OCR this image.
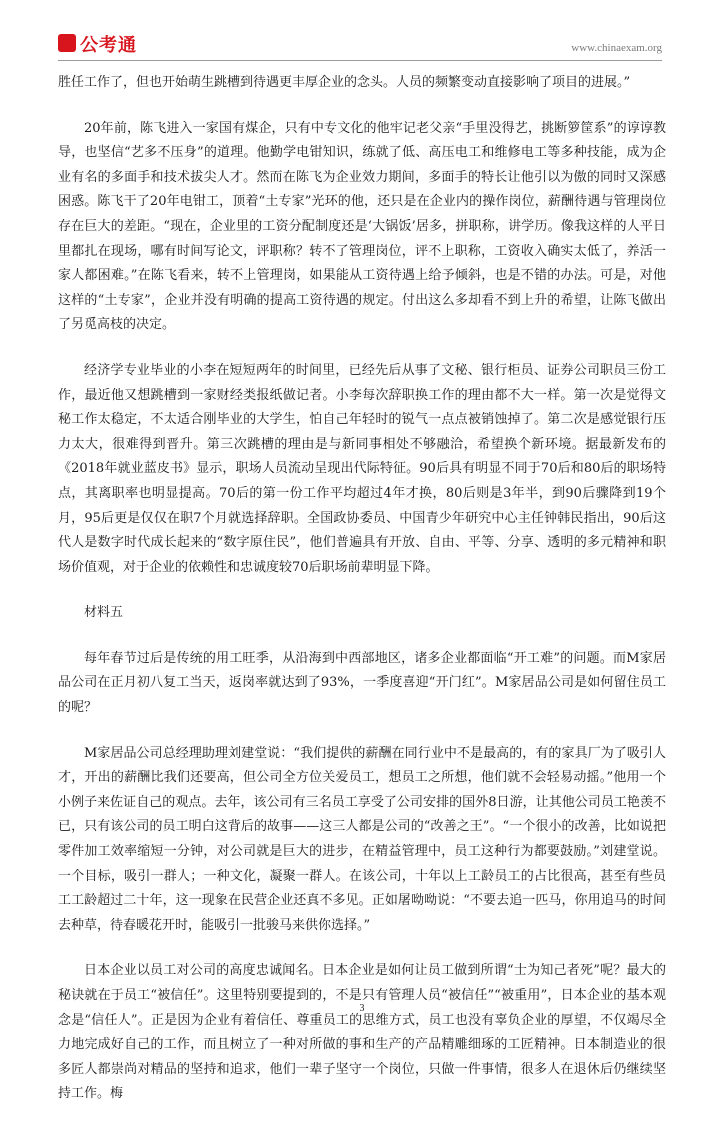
公考通	www.chinaexam.org

胜任工作了，但也开始萌生跳槽到待遇更丰厚企业的念头。人员的频繁变动直接影响了项目的进展。”

20年前，陈飞进入一家国有煤企，只有中专文化的他牢记老父亲“手里没得艺，挑断箩筐系”的谆谆教导，也坚信“艺多不压身”的道理。他勤学电钳知识，练就了低、高压电工和维修电工等多种技能，成为企业有名的多面手和技术拔尖人才。然而在陈飞为企业效力期间，多面手的特长让他引以为傲的同时又深感困惑。陈飞干了20年电钳工，顶着“土专家”光环的他，还只是在企业内的操作岗位，薪酬待遇与管理岗位存在巨大的差距。“现在，企业里的工资分配制度还是‘大锅饭’居多，拼职称，讲学历。像我这样的人平日里都扎在现场，哪有时间写论文，评职称？转不了管理岗位，评不上职称，工资收入确实太低了，养活一家人都困难。”在陈飞看来，转不上管理岗，如果能从工资待遇上给予倾斜，也是不错的办法。可是，对他这样的“土专家”，企业并没有明确的提高工资待遇的规定。付出这么多却看不到上升的希望，让陈飞做出了另觅高枝的决定。

经济学专业毕业的小李在短短两年的时间里，已经先后从事了文秘、银行柜员、证券公司职员三份工作，最近他又想跳槽到一家财经类报纸做记者。小李每次辞职换工作的理由都不大一样。第一次是觉得文秘工作太稳定，不太适合刚毕业的大学生，怕自己年轻时的锐气一点点被销蚀掉了。第二次是感觉银行压力太大，很难得到晋升。第三次跳槽的理由是与新同事相处不够融洽，希望换个新环境。据最新发布的《2018年就业蓝皮书》显示，职场人员流动呈现出代际特征。90后具有明显不同于70后和80后的职场特点，其离职率也明显提高。70后的第一份工作平均超过4年才换，80后则是3年半，到90后骤降到19个月，95后更是仅仅在职7个月就选择辞职。全国政协委员、中国青少年研究中心主任钟韩民指出，90后这代人是数字时代成长起来的“数字原住民”，他们普遍具有开放、自由、平等、分享、透明的多元精神和职场价值观，对于企业的依赖性和忠诚度较70后职场前辈明显下降。

材料五

每年春节过后是传统的用工旺季，从沿海到中西部地区，诸多企业都面临“开工难”的问题。而M家居品公司在正月初八复工当天，返岗率就达到了93%，一季度喜迎“开门红”。M家居品公司是如何留住员工的呢？

M家居品公司总经理助理刘建堂说：“我们提供的薪酬在同行业中不是最高的，有的家具厂为了吸引人才，开出的薪酬比我们还要高，但公司全方位关爱员工，想员工之所想，他们就不会轻易动摇。”他用一个小例子来佐证自己的观点。去年，该公司有三名员工享受了公司安排的国外8日游，让其他公司员工艳羡不已，只有该公司的员工明白这背后的故事——这三人都是公司的“改善之王”。“一个很小的改善，比如说把零件加工效率缩短一分钟，对公司就是巨大的进步，在精益管理中，员工这种行为都要鼓励。”刘建堂说。一个目标，吸引一群人；一种文化，凝聚一群人。在该公司，十年以上工龄员工的占比很高，甚至有些员工工龄超过二十年，这一现象在民营企业还真不多见。正如屠呦呦说：“不要去追一匹马，你用追马的时间去种草，待春暖花开时，能吸引一批骏马来供你选择。”

日本企业以员工对公司的高度忠诚闻名。日本企业是如何让员工做到所谓“士为知己者死”呢？最大的秘诀就在于员工“被信任”。这里特别要提到的，不是只有管理人员“被信任”“被重用”，日本企业的基本观念是“信任人”。正是因为企业有着信任、尊重员工的思维方式，员工也没有辜负企业的厚望，不仅竭尽全力地完成好自己的工作，而且树立了一种对所做的事和生产的产品精雕细琢的工匠精神。日本制造业的很多匠人都崇尚对精品的坚持和追求，他们一辈子坚守一个岗位，只做一件事情，很多人在退休后仍继续坚持工作。梅

3
